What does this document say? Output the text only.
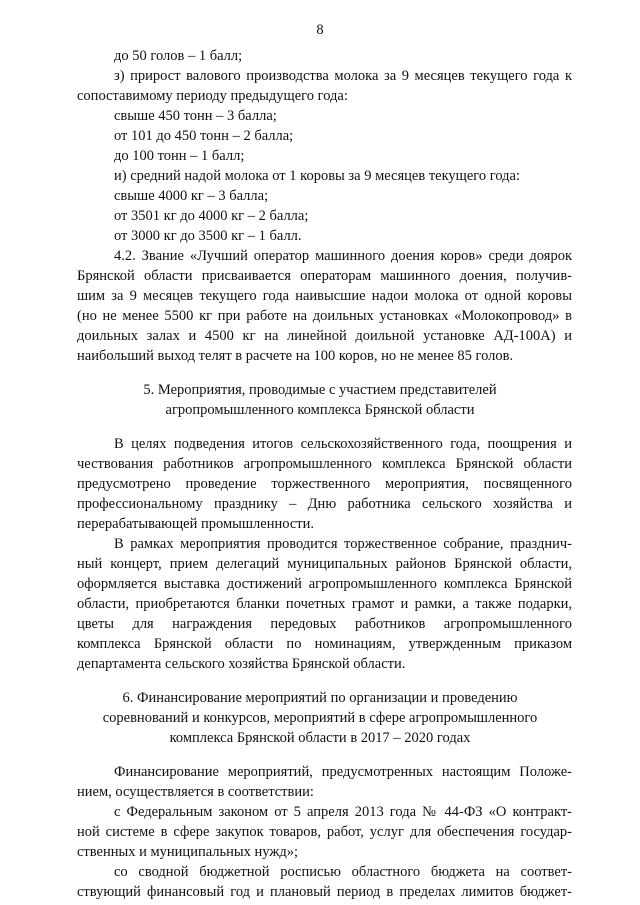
8
до 50 голов – 1 балл;
з) прирост валового производства молока за 9 месяцев текущего года к
сопоставимому периоду предыдущего года:
свыше 450 тонн – 3 балла;
от 101 до 450 тонн – 2 балла;
до 100 тонн – 1 балл;
и) средний надой молока от 1 коровы за 9 месяцев текущего года:
свыше 4000 кг – 3 балла;
от 3501 кг до 4000 кг – 2 балла;
от 3000 кг до 3500 кг – 1 балл.
4.2. Звание «Лучший оператор машинного доения коров» среди доярок
Брянской области присваивается операторам машинного доения, получив-
шим за 9 месяцев текущего года наивысшие надои молока от одной коровы
(но не менее 5500 кг при работе на доильных установках «Молокопровод» в
доильных залах и 4500 кг на линейной доильной установке АД-100А) и
наибольший выход телят в расчете на 100 коров, но не менее 85 голов.
5. Мероприятия, проводимые с участием представителей
агропромышленного комплекса Брянской области
В целях подведения итогов сельскохозяйственного года, поощрения и
чествования работников агропромышленного комплекса Брянской области
предусмотрено проведение торжественного мероприятия, посвященного
профессиональному празднику – Дню работника сельского хозяйства и
перерабатывающей промышленности.
В рамках мероприятия проводится торжественное собрание, празднич-
ный концерт, прием делегаций муниципальных районов Брянской области,
оформляется выставка достижений агропромышленного комплекса Брянской
области, приобретаются бланки почетных грамот и рамки, а также подарки,
цветы для награждения передовых работников агропромышленного
комплекса Брянской области по номинациям, утвержденным приказом
департамента сельского хозяйства Брянской области.
6. Финансирование мероприятий по организации и проведению
соревнований и конкурсов, мероприятий в сфере агропромышленного
комплекса Брянской области в 2017 – 2020 годах
Финансирование мероприятий, предусмотренных настоящим Положе-
нием, осуществляется в соответствии:
с Федеральным законом от 5 апреля 2013 года № 44-ФЗ «О контракт-
ной системе в сфере закупок товаров, работ, услуг для обеспечения государ-
ственных и муниципальных нужд»;
со сводной бюджетной росписью областного бюджета на соответ-
ствующий финансовый год и плановый период в пределах лимитов бюджет-
